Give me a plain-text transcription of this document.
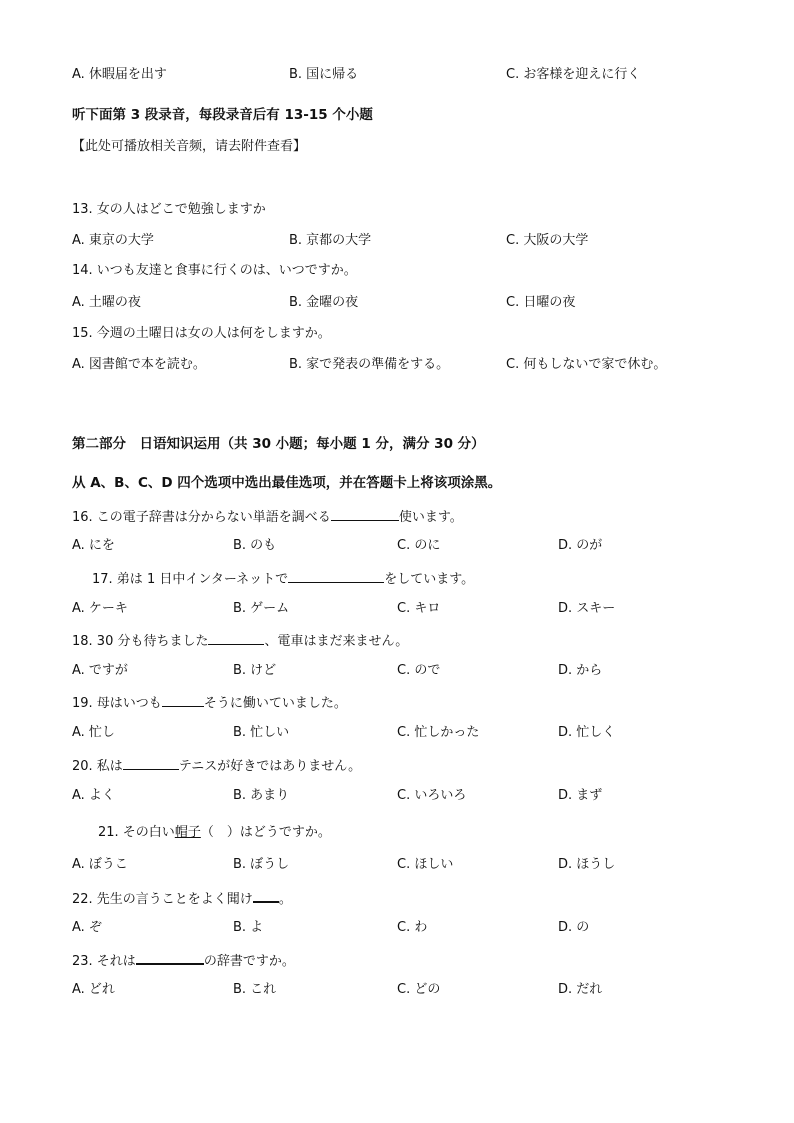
A. 休暇届を出す	B. 国に帰る	C. お客様を迎えに行く
听下面第 3 段录音，每段录音后有 13-15 个小题
【此处可播放相关音频，请去附件查看】
13. 女の人はどこで勉強しますか
A. 東京の大学	B. 京都の大学	C. 大阪の大学
14. いつも友達と食事に行くのは、いつですか。
A. 土曜の夜	B. 金曜の夜	C. 日曜の夜
15. 今週の土曜日は女の人は何をしますか。
A. 図書館で本を読む。	B. 家で発表の準備をする。	C. 何もしないで家で休む。
第二部分　日语知识运用（共 30 小题；每小题 1 分，满分 30 分）
从 A、B、C、D 四个选项中选出最佳选项，并在答题卡上将该项涂黑。
16. この電子辞書は分からない単語を調べる	使います。
A. にを	B. のも	C. のに	D. のが
17. 弟は 1 日中インターネットで	をしています。
A. ケーキ	B. ゲーム	C. キロ	D. スキー
18. 30 分も待ちました	、電車はまだ来ません。
A. ですが	B. けど	C. ので	D. から
19. 母はいつも	そうに働いていました。
A. 忙し	B. 忙しい	C. 忙しかった	D. 忙しく
20. 私は	テニスが好きではありません。
A. よく	B. あまり	C. いろいろ	D. まず
21. その白い帽子（　）はどうですか。
A. ぼうこ	B. ぼうし	C. ほしい	D. ほうし
22. 先生の言うことをよく聞け 。
A. ぞ	B. よ	C. わ	D. の
23. それは	の辞書ですか。
A. どれ	B. これ	C. どの	D. だれ
